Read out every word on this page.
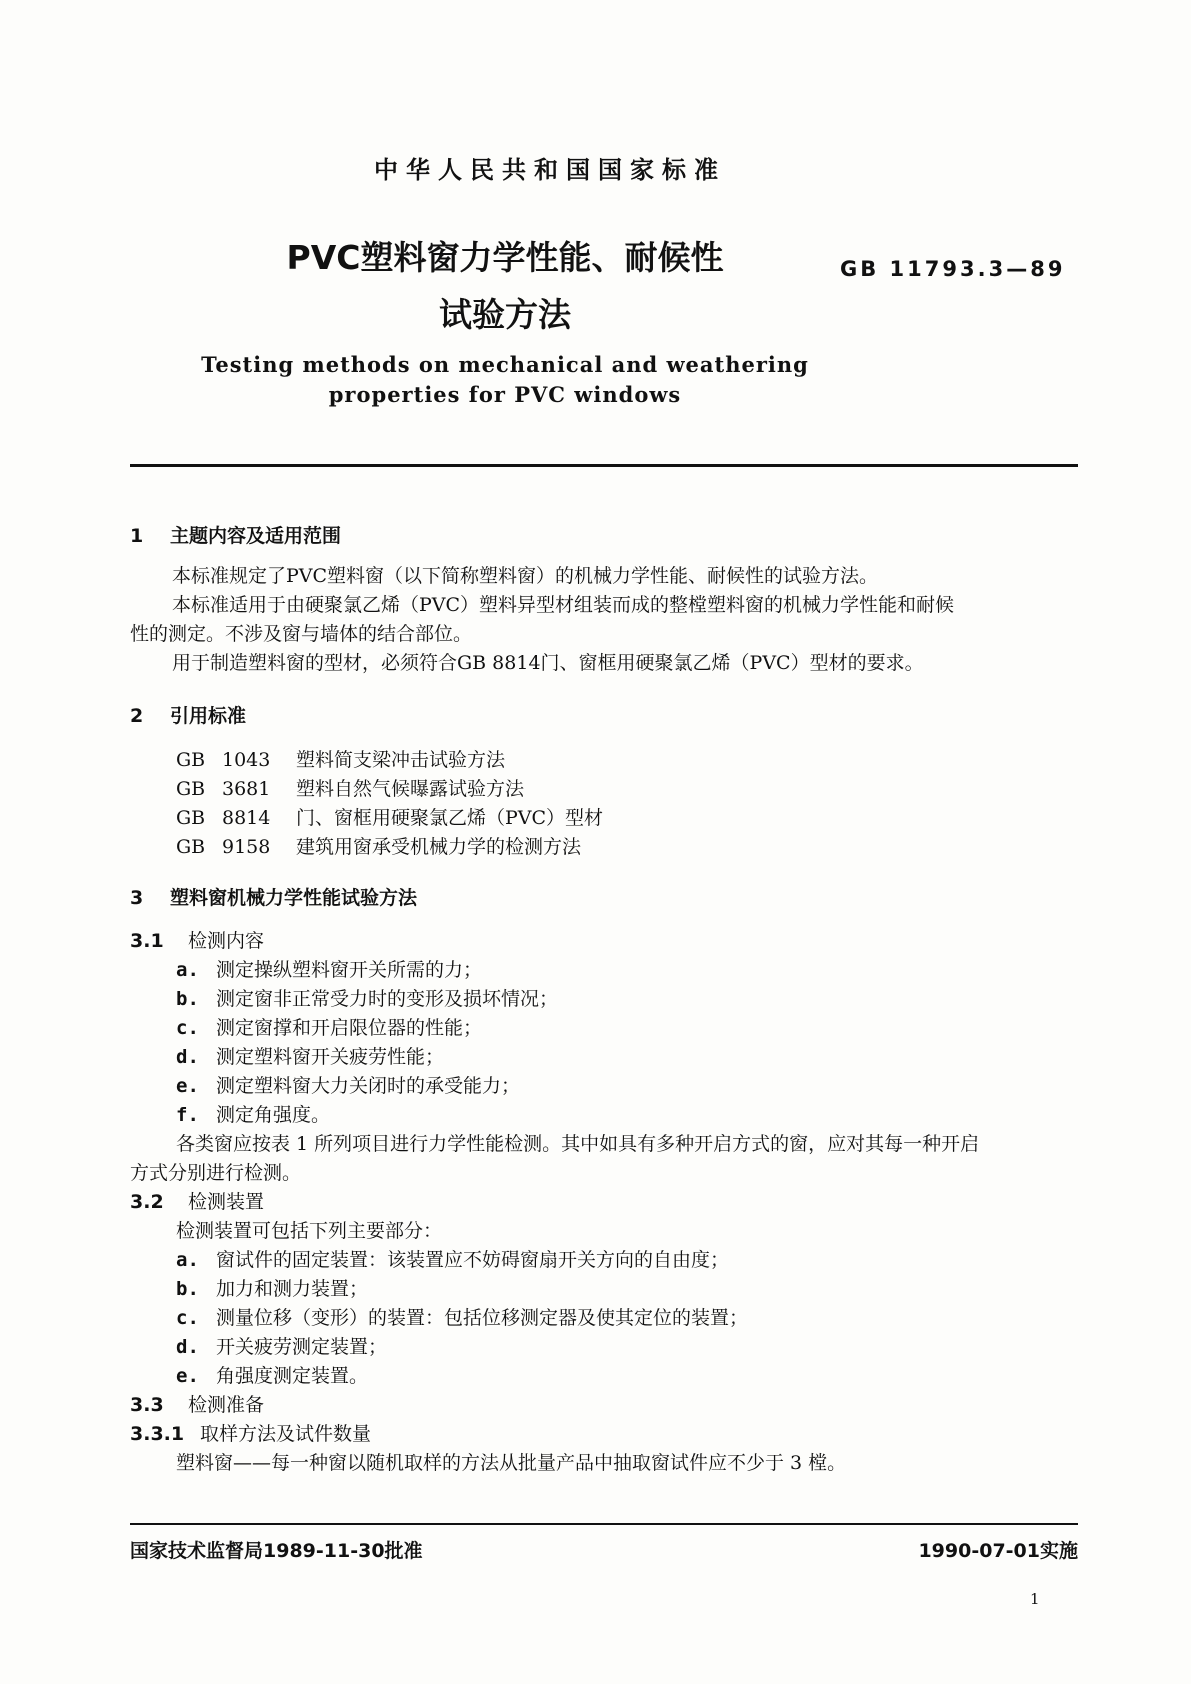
中华人民共和国国家标准
PVC塑料窗力学性能、耐候性
试验方法
GB 11793.3—89
Testing methods on mechanical and weathering
properties for PVC windows
1 主题内容及适用范围
本标准规定了PVC塑料窗（以下简称塑料窗）的机械力学性能、耐候性的试验方法。
本标准适用于由硬聚氯乙烯（PVC）塑料异型材组装而成的整樘塑料窗的机械力学性能和耐候
性的测定。不涉及窗与墙体的结合部位。
用于制造塑料窗的型材，必须符合GB 8814门、窗框用硬聚氯乙烯（PVC）型材的要求。
2 引用标准
GB 1043 塑料简支梁冲击试验方法
GB 3681 塑料自然气候曝露试验方法
GB 8814 门、窗框用硬聚氯乙烯（PVC）型材
GB 9158 建筑用窗承受机械力学的检测方法
3 塑料窗机械力学性能试验方法
3.1 检测内容
a. 测定操纵塑料窗开关所需的力；
b. 测定窗非正常受力时的变形及损坏情况；
c. 测定窗撑和开启限位器的性能；
d. 测定塑料窗开关疲劳性能；
e. 测定塑料窗大力关闭时的承受能力；
f. 测定角强度。
各类窗应按表 1 所列项目进行力学性能检测。其中如具有多种开启方式的窗，应对其每一种开启
方式分别进行检测。
3.2 检测装置
检测装置可包括下列主要部分：
a. 窗试件的固定装置：该装置应不妨碍窗扇开关方向的自由度；
b. 加力和测力装置；
c. 测量位移（变形）的装置：包括位移测定器及使其定位的装置；
d. 开关疲劳测定装置；
e. 角强度测定装置。
3.3 检测准备
3.3.1 取样方法及试件数量
塑料窗——每一种窗以随机取样的方法从批量产品中抽取窗试件应不少于 3 樘。
国家技术监督局1989-11-30批准	1990-07-01实施
1
